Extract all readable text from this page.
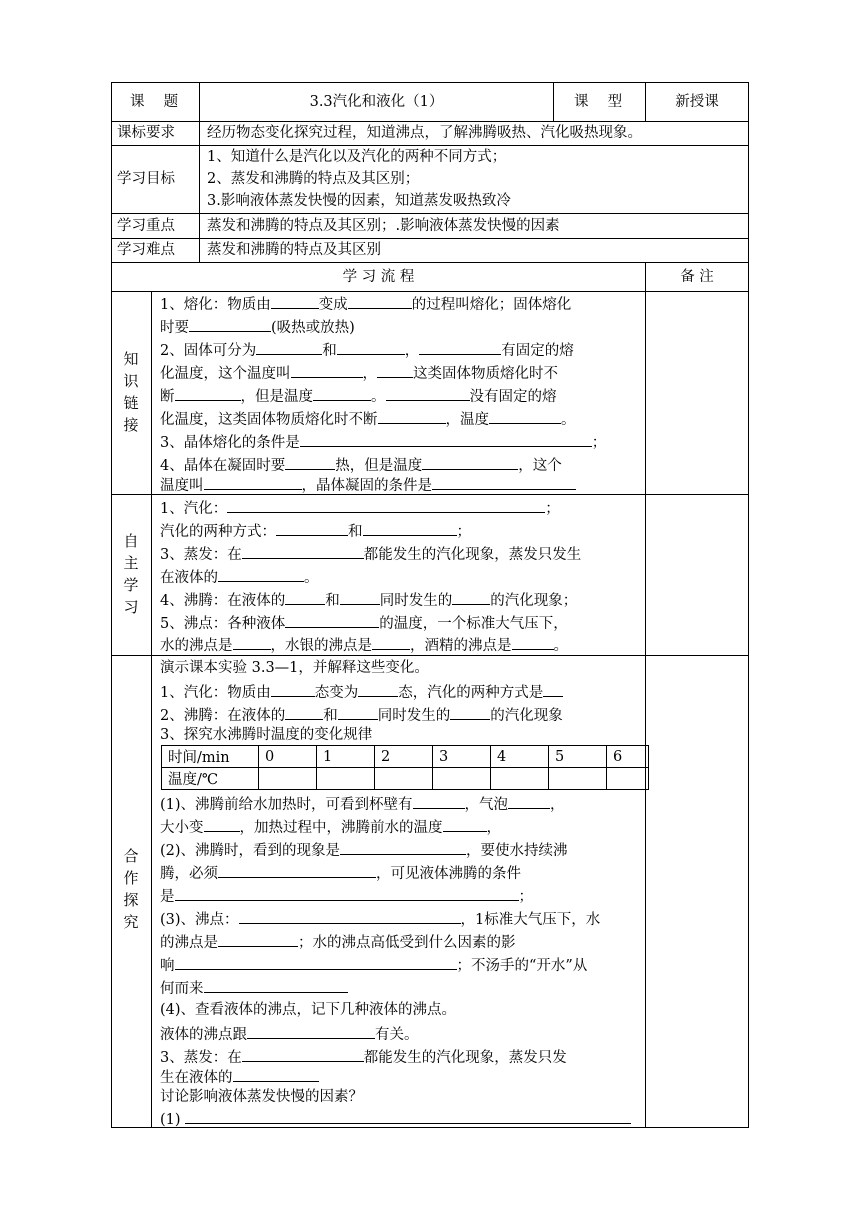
课　 题	3.3汽化和液化（1）	课　 型	新授课
课标要求 经历物态变化探究过程，知道沸点，了解沸腾吸热、汽化吸热现象。
学习目标
1、知道什么是汽化以及汽化的两种不同方式；
2、蒸发和沸腾的特点及其区别；
3.影响液体蒸发快慢的因素，知道蒸发吸热致冷
学习重点 蒸发和沸腾的特点及其区别；.影响液体蒸发快慢的因素
学习难点 蒸发和沸腾的特点及其区别
学 习 流 程	备 注
知
识
链
接
1、熔化：物质由	变成	的过程叫熔化；固体熔化
时要	(吸热或放热)
2、固体可分为	和	，	有固定的熔
化温度，这个温度叫	， 这类固体物质熔化时不
断	，但是温度	。	没有固定的熔
化温度，这类固体物质熔化时不断	，温度	。
3、晶体熔化的条件是	；
4、晶体在凝固时要	热，但是温度	，这个
温度叫	，晶体凝固的条件是
自
主
学
习
1、汽化：	；
汽化的两种方式：	和	；
3、蒸发：在	都能发生的汽化现象，蒸发只发生
在液体的	。
4、沸腾：在液体的	和	同时发生的	的汽化现象；
5、沸点：各种液体	的温度，一个标准大气压下，
水的沸点是	，水银的沸点是	，酒精的沸点是	。
合
作
探
究
演示课本实验 3.3—1，并解释这些变化。
1、汽化：物质由	态变为	态，汽化的两种方式是
2、沸腾：在液体的	和	同时发生的	的汽化现象
3、探究水沸腾时温度的变化规律
时间/min	0	1	2	3	4	5	6
温度/℃							
(1)、沸腾前给水加热时，可看到杯壁有	，气泡	，
大小变 ，加热过程中，沸腾前水的温度	，
(2)、沸腾时，看到的现象是	，要使水持续沸
腾，必须	，可见液体沸腾的条件
是	；
(3)、沸点：	，1标准大气压下，水
的沸点是	；水的沸点高低受到什么因素的影
响	；不汤手的“开水”从
何而来
(4)、查看液体的沸点，记下几种液体的沸点。
液体的沸点跟	有关。
3、蒸发：在	都能发生的汽化现象，蒸发只发
生在液体的
讨论影响液体蒸发快慢的因素？
(1)
